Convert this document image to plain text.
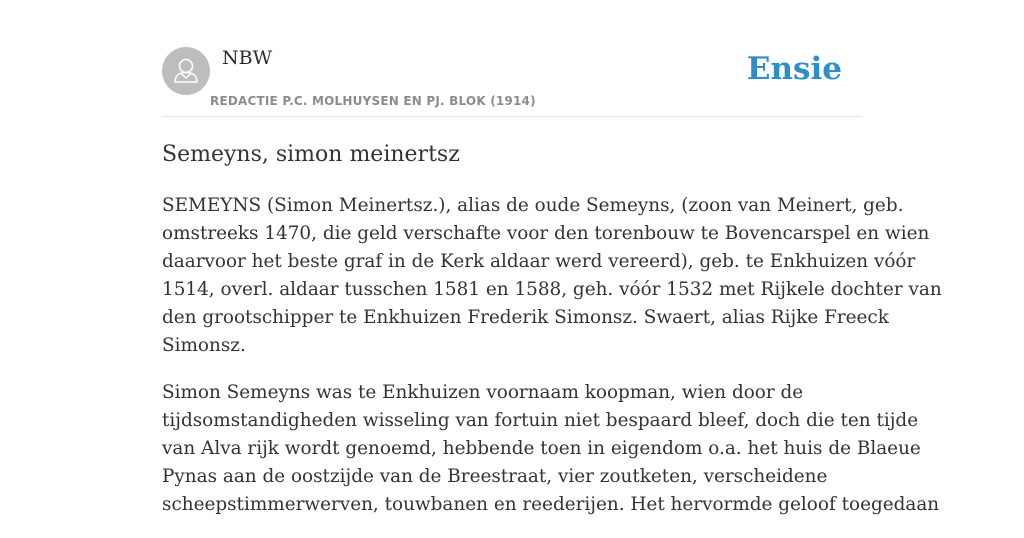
NBW
REDACTIE P.C. MOLHUYSEN EN PJ. BLOK (1914)
Ensie
Semeyns, simon meinertsz

SEMEYNS (Simon Meinertsz.), alias de oude Semeyns, (zoon van Meinert, geb.
omstreeks 1470, die geld verschafte voor den torenbouw te Bovencarspel en wien
daarvoor het beste graf in de Kerk aldaar werd vereerd), geb. te Enkhuizen vóór
1514, overl. aldaar tusschen 1581 en 1588, geh. vóór 1532 met Rijkele dochter van
den grootschipper te Enkhuizen Frederik Simonsz. Swaert, alias Rijke Freeck
Simonsz.

Simon Semeyns was te Enkhuizen voornaam koopman, wien door de
tijdsomstandigheden wisseling van fortuin niet bespaard bleef, doch die ten tijde
van Alva rijk wordt genoemd, hebbende toen in eigendom o.a. het huis de Blaeue
Pynas aan de oostzijde van de Breestraat, vier zoutketen, verscheidene
scheepstimmerwerven, touwbanen en reederijen. Het hervormde geloof toegedaan
